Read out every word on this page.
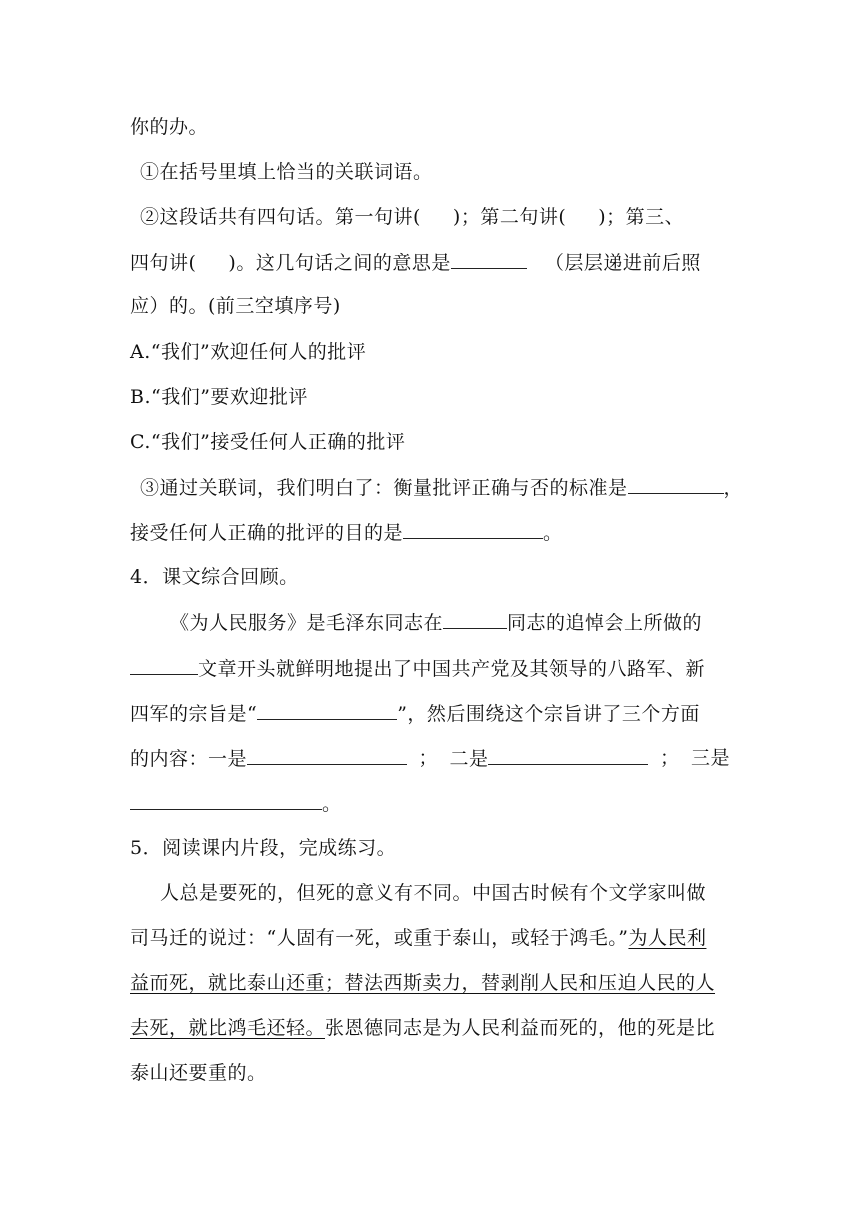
你的办。
①在括号里填上恰当的关联词语。
②这段话共有四句话。第一句讲( )；第二句讲( )；第三、
四句讲( )。这几句话之间的意思是	（层层递进前后照
应）的。(前三空填序号)
A.“我们”欢迎任何人的批评
B.“我们”要欢迎批评
C.“我们”接受任何人正确的批评
③通过关联词，我们明白了：衡量批评正确与否的标准是	，
接受任何人正确的批评的目的是	。
4．课文综合回顾。
《为人民服务》是毛泽东同志在	同志的追悼会上所做的
文章开头就鲜明地提出了中国共产党及其领导的八路军、新
四军的宗旨是“	”，然后围绕这个宗旨讲了三个方面
的内容：一是	； 二是	； 三是
。
5．阅读课内片段，完成练习。
人总是要死的，但死的意义有不同。中国古时候有个文学家叫做
司马迁的说过：“人固有一死，或重于泰山，或轻于鸿毛。”为人民利
益而死，就比泰山还重；替法西斯卖力，替剥削人民和压迫人民的人
去死，就比鸿毛还轻。张恩德同志是为人民利益而死的，他的死是比
泰山还要重的。
